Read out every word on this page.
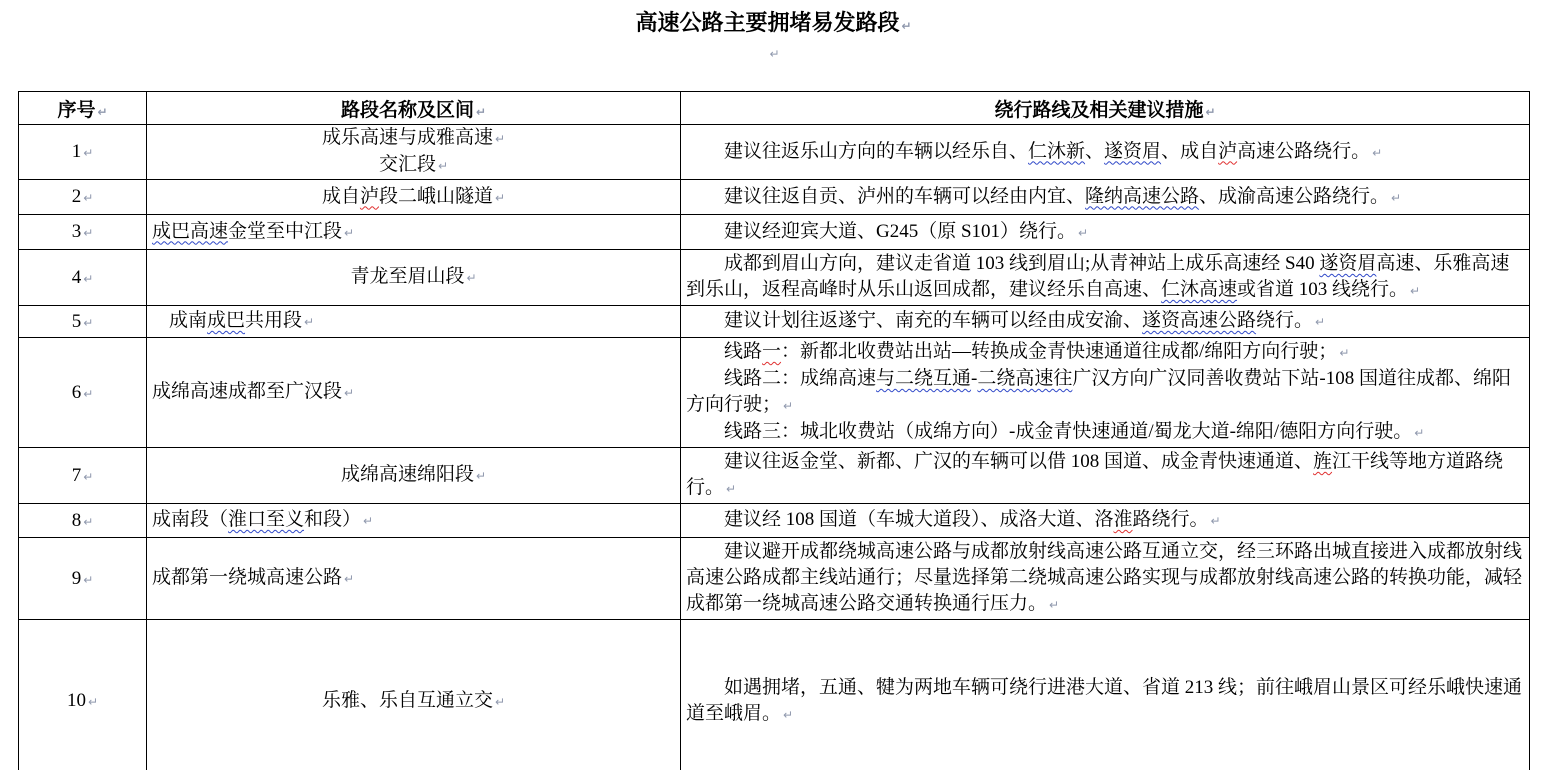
高速公路主要拥堵易发路段 ↵
↵
序号 ↵	路段名称及区间 ↵	绕行路线及相关建议措施 ↵
1 ↵	成乐高速与成雅高速 ↵
交汇段 ↵	建议往返乐山方向的车辆以经乐自、仁沐新、遂资眉、成自泸高速公路绕行。 ↵

2 ↵	成自泸段二峨山隧道 ↵	建议往返自贡、泸州的车辆可以经由内宜、隆纳高速公路、成渝高速公路绕行。 ↵

3 ↵	成巴高速金堂至中江段 ↵	建议经迎宾大道、G245（原 S101）绕行。 ↵

4 ↵	青龙至眉山段 ↵	成都到眉山方向，建议走省道 103 线到眉山;从青神站上成乐高速经 S40 遂资眉高速、乐雅高速到乐山，返程高峰时从乐山返回成都，建议经乐自高速、仁沐高速或省道 103 线绕行。 ↵

5 ↵	成南成巴共用段 ↵	建议计划往返遂宁、南充的车辆可以经由成安渝、遂资高速公路绕行。 ↵

6 ↵	成绵高速成都至广汉段 ↵	线路一：新都北收费站出站—转换成金青快速通道往成都/绵阳方向行驶； ↵
线路二：成绵高速与二绕互通-二绕高速往广汉方向广汉同善收费站下站-108 国道往成都、绵阳方向行驶； ↵
线路三：城北收费站（成绵方向）-成金青快速通道/蜀龙大道-绵阳/德阳方向行驶。 ↵

7 ↵	成绵高速绵阳段 ↵	建议往返金堂、新都、广汉的车辆可以借 108 国道、成金青快速通道、旌江干线等地方道路绕行。 ↵

8 ↵	成南段（淮口至义和段） ↵	建议经 108 国道（车城大道段）、成洛大道、洛淮路绕行。 ↵

9 ↵	成都第一绕城高速公路 ↵	建议避开成都绕城高速公路与成都放射线高速公路互通立交，经三环路出城直接进入成都放射线高速公路成都主线站通行；尽量选择第二绕城高速公路实现与成都放射线高速公路的转换功能，减轻成都第一绕城高速公路交通转换通行压力。 ↵

10 ↵	乐雅、乐自互通立交 ↵	如遇拥堵，五通、犍为两地车辆可绕行进港大道、省道 213 线；前往峨眉山景区可经乐峨快速通道至峨眉。 ↵
